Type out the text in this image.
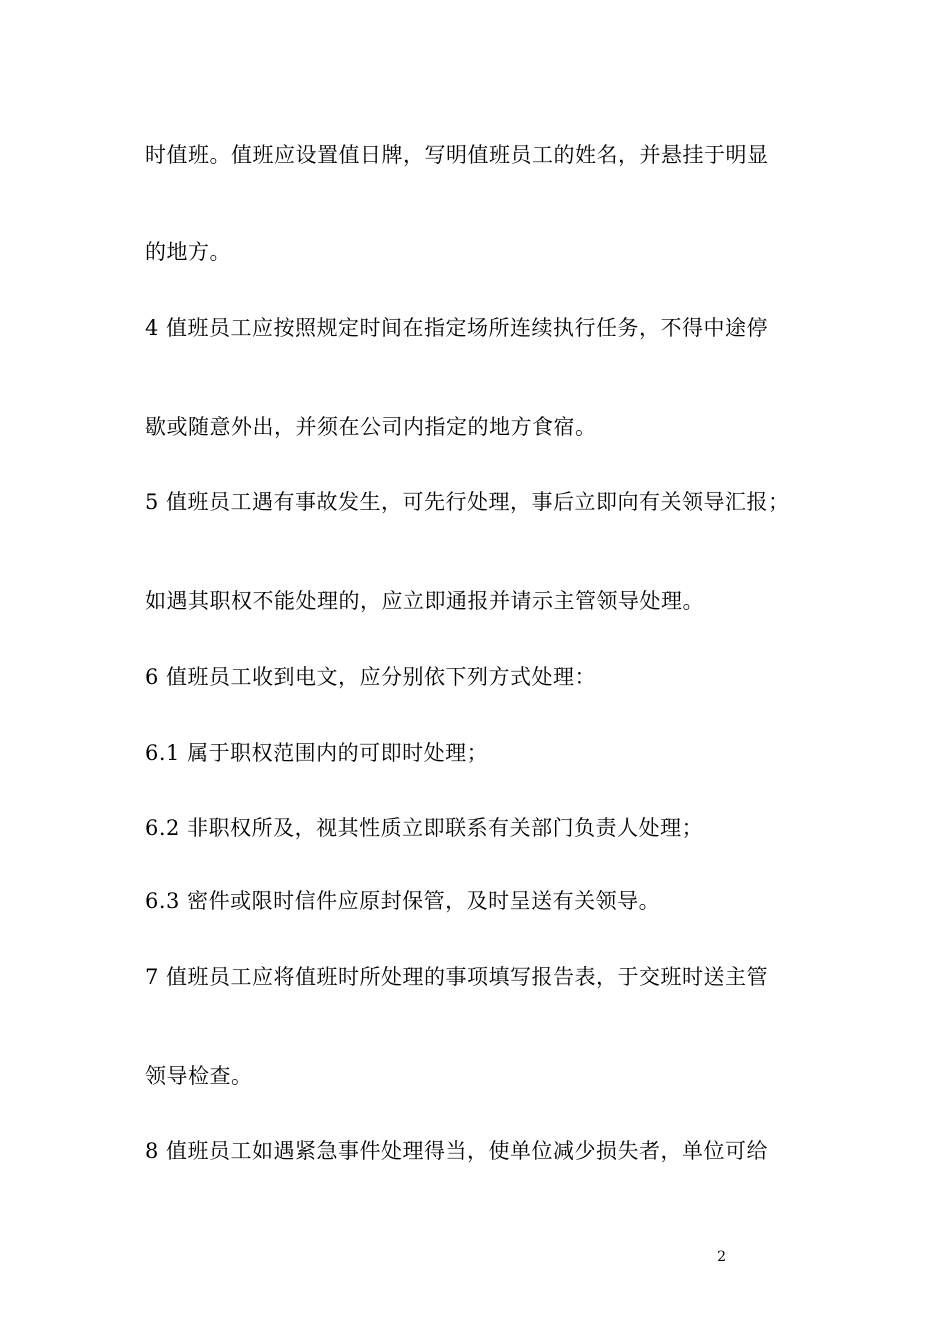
时值班。值班应设置值日牌，写明值班员工的姓名，并悬挂于明显
的地方。
4 值班员工应按照规定时间在指定场所连续执行任务，不得中途停
歇或随意外出，并须在公司内指定的地方食宿。
5 值班员工遇有事故发生，可先行处理，事后立即向有关领导汇报；
如遇其职权不能处理的，应立即通报并请示主管领导处理。
6 值班员工收到电文，应分别依下列方式处理：
6.1 属于职权范围内的可即时处理；
6.2 非职权所及，视其性质立即联系有关部门负责人处理；
6.3 密件或限时信件应原封保管，及时呈送有关领导。
7 值班员工应将值班时所处理的事项填写报告表，于交班时送主管
领导检查。
8 值班员工如遇紧急事件处理得当，使单位减少损失者，单位可给
2
